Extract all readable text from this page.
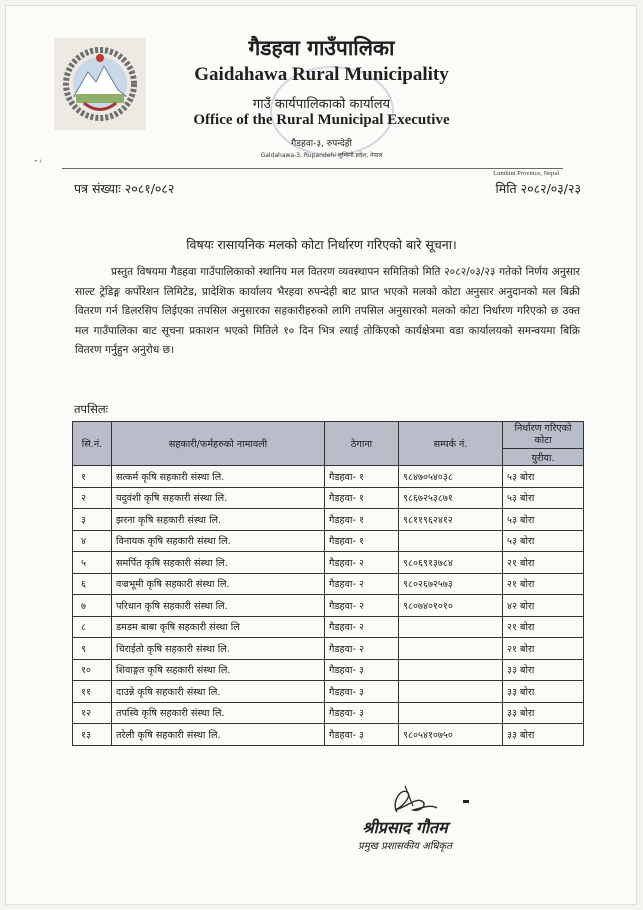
गैडहवा गाउँपालिका
Gaidahawa Rural Municipality
गाउँ कार्यपालिकाको कार्यालय
Office of the Rural Municipal Executive
गैडहवा-३, रुपन्देही
Gaidahawa-3, Rupandehi लुम्बिनी प्रदेश, नेपाल
• ı
Lumbini Province, Nepal
पत्र संख्याः २०८१/०८२	मिति २०८२/०३/२३
विषयः रासायनिक मलको कोटा निर्धारण गरिएको बारे सूचना।
प्रस्तुत विषयमा गैडहवा गाउँपालिकाको स्थानिय मल वितरण व्यवस्थापन समितिको मिति २०८२/०३/२३ गतेको निर्णय अनुसार साल्ट ट्रेडिङ्ग कर्पोरेशन लिमिटेड, प्रादेशिक कार्यालय भैरहवा रुपन्देही बाट प्राप्त भएको मलको कोटा अनुसार अनुदानको मल बिक्री वितरण गर्न डिलरसिप लिईएका तपसिल अनुसारका सहकारीहरुको लागि तपसिल अनुसारको मलको कोटा निर्धारण गरिएको छ उक्त मल गाउँपालिका बाट सूचना प्रकाशन भएको मितिले १० दिन भित्र ल्याई तोकिएको कार्यक्षेत्रमा वडा कार्यालयको समन्वयमा बिक्रि वितरण गर्नुहुन अनुरोध छ।
तपसिलः
सि.नं.	सहकारी/फर्महरुको नामावली	ठेगाना	सम्पर्क नं.	निर्धारण गरिएको कोटा
				युरीया.
१	सत्कर्म कृषि सहकारी संस्था लि.	गैडहवा- १	९८४७०५४०३८	५३ बोरा
२	यदुवंशी कृषि सहकारी संस्था लि.	गैडहवा- १	९८६७२५३८७१	५३ बोरा
३	झरना कृषि सहकारी संस्था लि.	गैडहवा- १	९८११९६२४१२	५३ बोरा
४	विनायक कृषि सहकारी संस्था लि.	गैडहवा- १		५३ बोरा
५	समर्पित कृषि सहकारी संस्था लि.	गैडहवा- २	९८०६९१३७८४	२१ बोरा
६	वज्रभूमी कृषि सहकारी संस्था लि.	गैडहवा- २	९८०२६७२५७३	२१ बोरा
७	परिधान कृषि सहकारी संस्था लि.	गैडहवा- २	९८०७४०१०१०	४२ बोरा
८	डमडम बाबा कृषि सहकारी संस्था लि	गैडहवा- २		२१ बोरा
९	चिराईतो कृषि सहकारी संस्था लि.	गैडहवा- २		२१ बोरा
१०	शिवाङ्गत कृषि सहकारी संस्था लि.	गैडहवा- ३		३३ बोरा
११	दाउन्ने कृषि सहकारी संस्था लि.	गैडहवा- ३		३३ बोरा
१२	तपस्वि कृषि सहकारी संस्था लि.	गैडहवा- ३		३३ बोरा
१३	तरेली कृषि सहकारी संस्था लि.	गैडहवा- ३	९८०५४१०७५०	३३ बोरा
श्रीप्रसाद गौतम
प्रमुख प्रशासकीय अधिकृत
